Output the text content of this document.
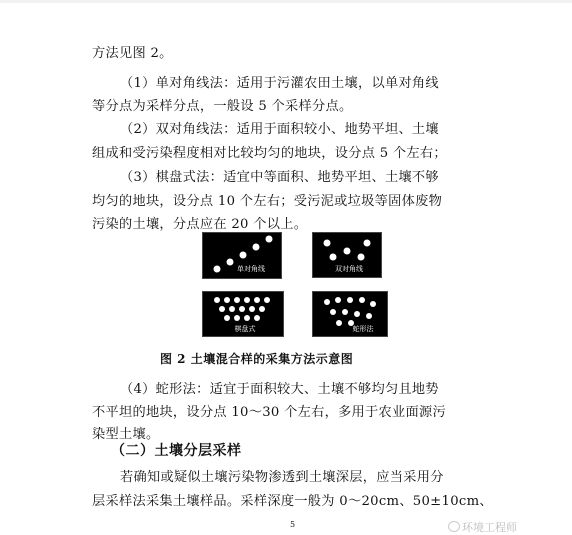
方法见图 2。
（1）单对角线法：适用于污灌农田土壤，以单对角线
等分点为采样分点，一般设 5 个采样分点。
（2）双对角线法：适用于面积较小、地势平坦、土壤
组成和受污染程度相对比较均匀的地块，设分点 5 个左右；
（3）棋盘式法：适宜中等面积、地势平坦、土壤不够
均匀的地块，设分点 10 个左右；受污泥或垃圾等固体废物
污染的土壤，分点应在 20 个以上。
单对角线	双对角线
棋盘式	蛇形法
图 2 土壤混合样的采集方法示意图
（4）蛇形法：适宜于面积较大、土壤不够均匀且地势
不平坦的地块，设分点 10～30 个左右，多用于农业面源污
染型土壤。
（二）土壤分层采样
若确知或疑似土壤污染物渗透到土壤深层，应当采用分
层采样法采集土壤样品。采样深度一般为 0～20cm、50±10cm、
5	环境工程师
